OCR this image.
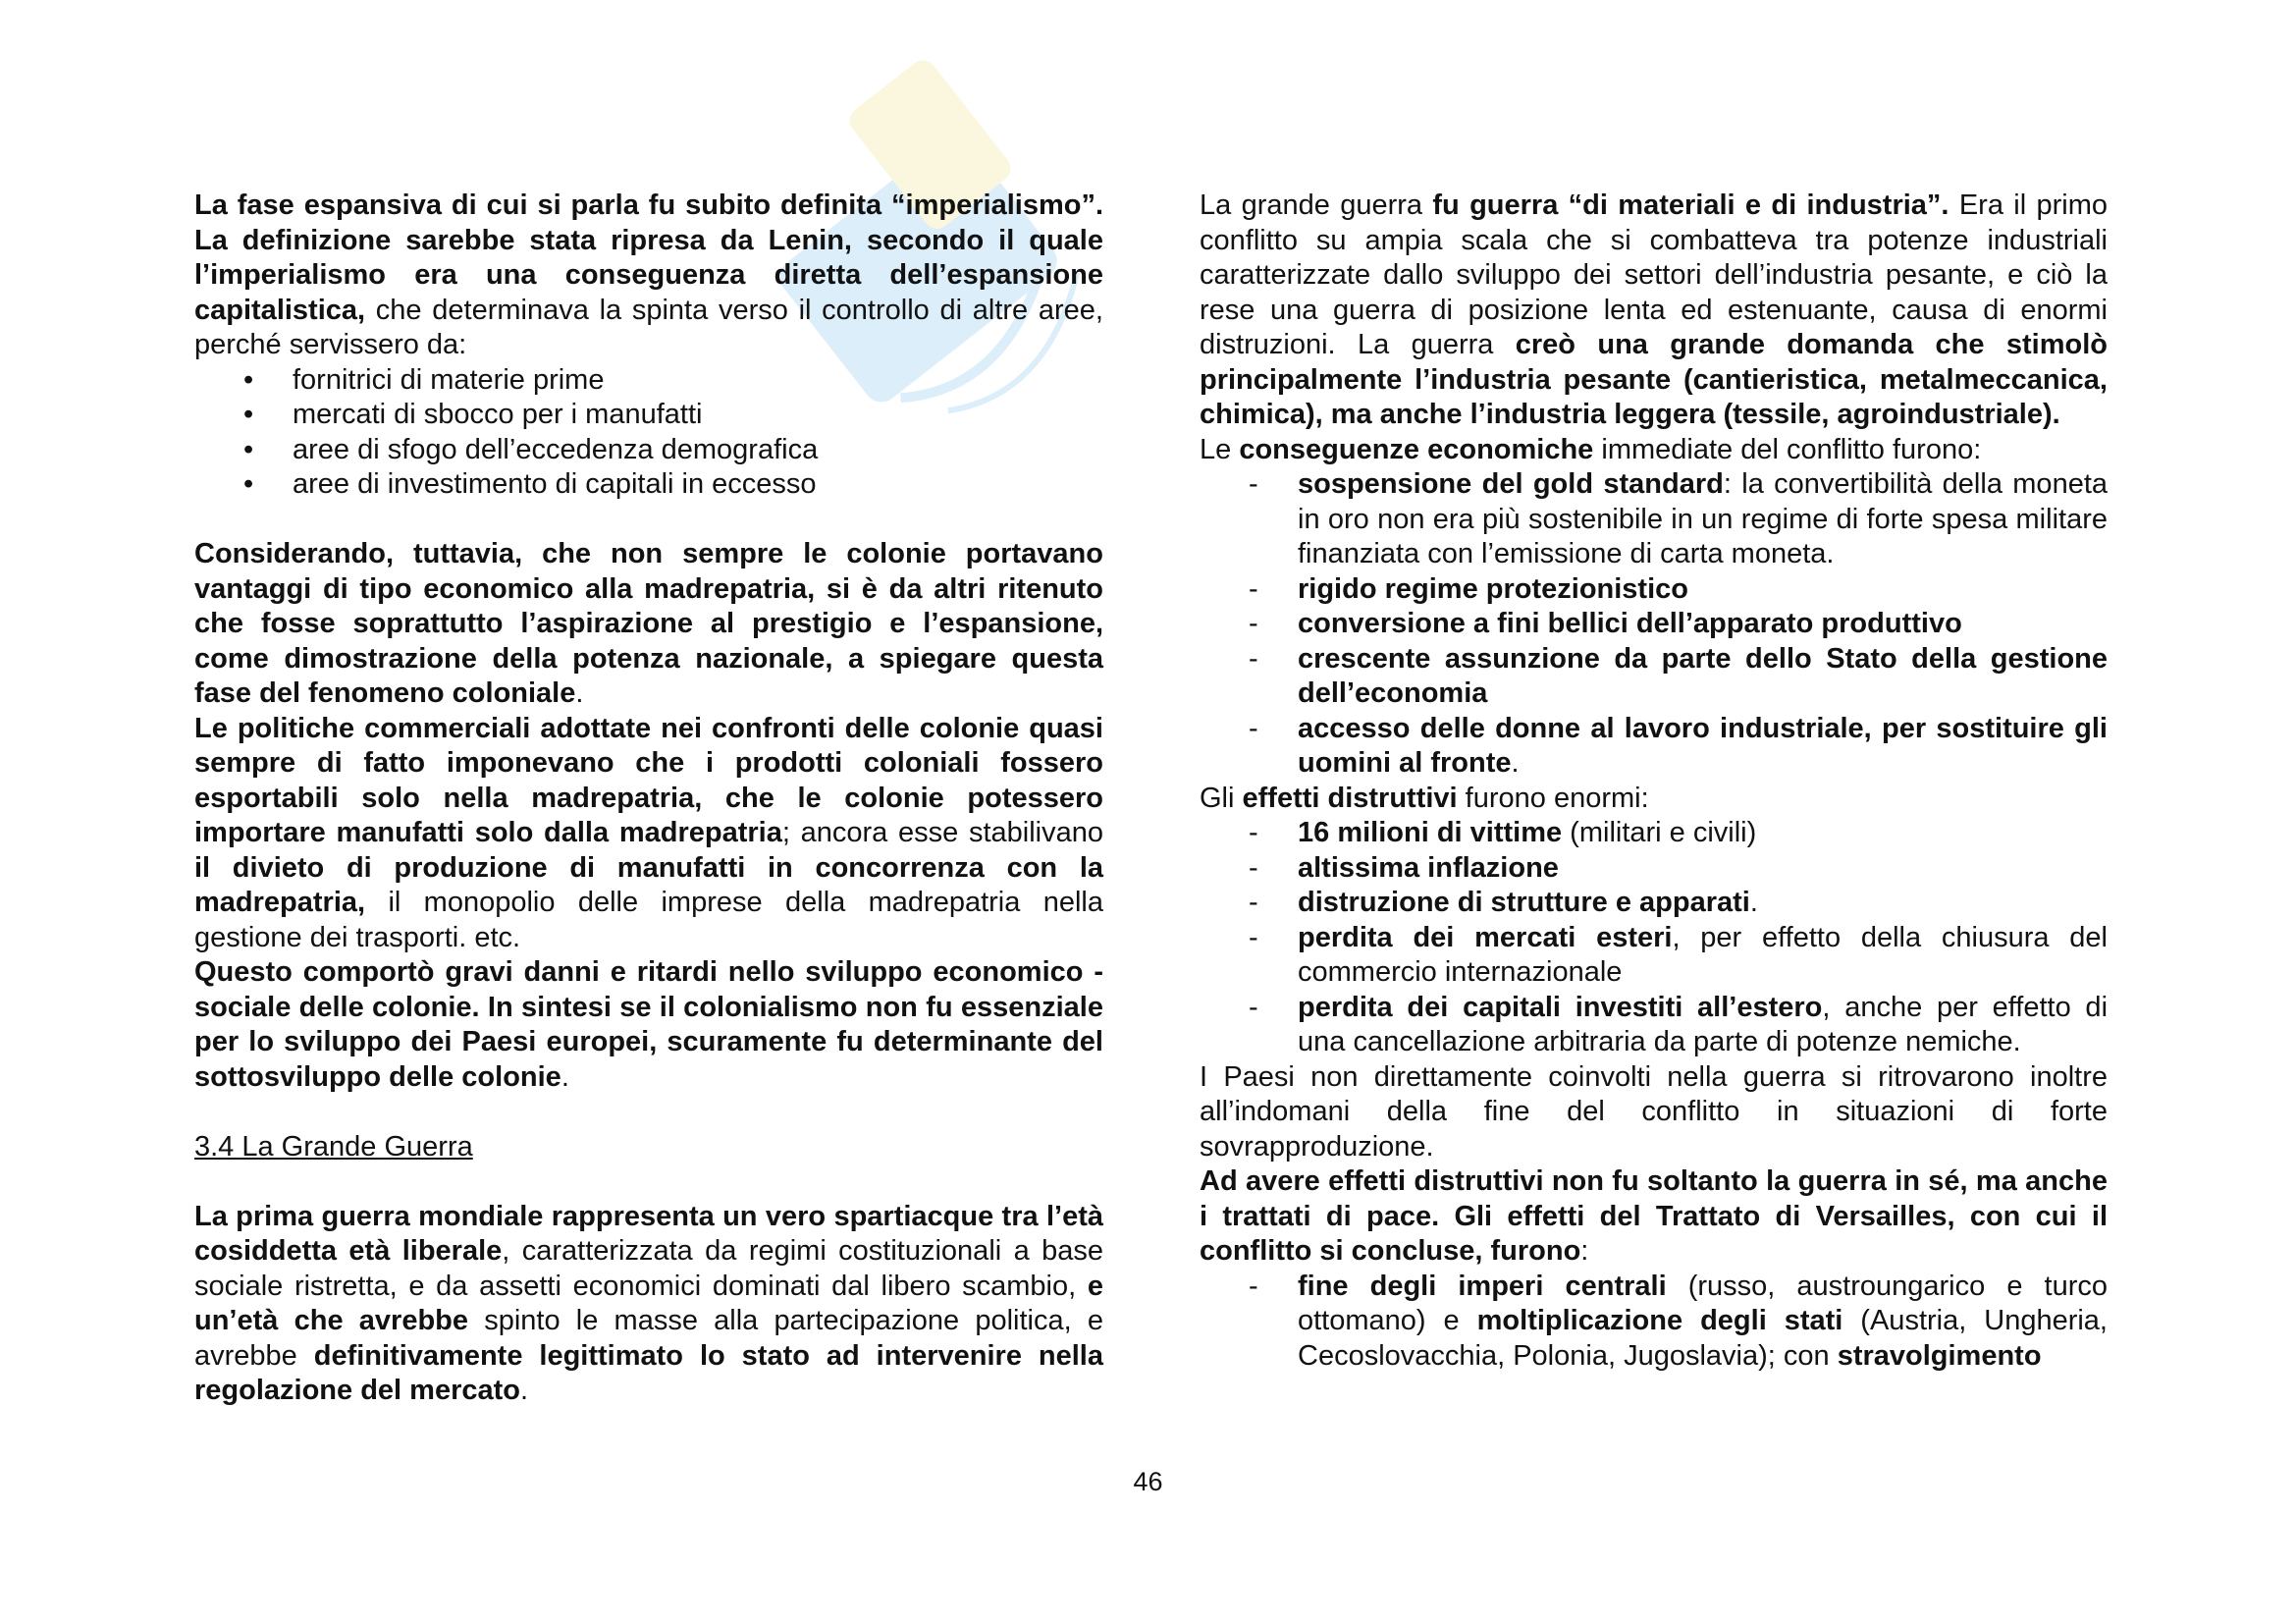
La fase espansiva di cui si parla fu subito definita “imperialismo”. La definizione sarebbe stata ripresa da Lenin, secondo il quale l’imperialismo era una conseguenza diretta dell’espansione capitalistica, che determinava la spinta verso il controllo di altre aree, perché servissero da:

• fornitrici di materie prime
• mercati di sbocco per i manufatti
• aree di sfogo dell’eccedenza demografica
• aree di investimento di capitali in eccesso

Considerando, tuttavia, che non sempre le colonie portavano vantaggi di tipo economico alla madrepatria, si è da altri ritenuto che fosse soprattutto l’aspirazione al prestigio e l’espansione, come dimostrazione della potenza nazionale, a spiegare questa fase del fenomeno coloniale.

Le politiche commerciali adottate nei confronti delle colonie quasi sempre di fatto imponevano che i prodotti coloniali fossero esportabili solo nella madrepatria, che le colonie potessero importare manufatti solo dalla madrepatria; ancora esse stabilivano il divieto di produzione di manufatti in concorrenza con la madrepatria, il monopolio delle imprese della madrepatria nella gestione dei trasporti. etc.

Questo comportò gravi danni e ritardi nello sviluppo economico - sociale delle colonie. In sintesi se il colonialismo non fu essenziale per lo sviluppo dei Paesi europei, scuramente fu determinante del sottosviluppo delle colonie.

3.4 La Grande Guerra

La prima guerra mondiale rappresenta un vero spartiacque tra l’età cosiddetta età liberale, caratterizzata da regimi costituzionali a base sociale ristretta, e da assetti economici dominati dal libero scambio, e un’età che avrebbe spinto le masse alla partecipazione politica, e avrebbe definitivamente legittimato lo stato ad intervenire nella regolazione del mercato.

La grande guerra fu guerra “di materiali e di industria”. Era il primo conflitto su ampia scala che si combatteva tra potenze industriali caratterizzate dallo sviluppo dei settori dell’industria pesante, e ciò la rese una guerra di posizione lenta ed estenuante, causa di enormi distruzioni. La guerra creò una grande domanda che stimolò principalmente l’industria pesante (cantieristica, metalmeccanica, chimica), ma anche l’industria leggera (tessile, agroindustriale).

Le conseguenze economiche immediate del conflitto furono:

- sospensione del gold standard: la convertibilità della moneta in oro non era più sostenibile in un regime di forte spesa militare finanziata con l’emissione di carta moneta.
- rigido regime protezionistico
- conversione a fini bellici dell’apparato produttivo
- crescente assunzione da parte dello Stato della gestione dell’economia
- accesso delle donne al lavoro industriale, per sostituire gli uomini al fronte.

Gli effetti distruttivi furono enormi:

- 16 milioni di vittime (militari e civili)
- altissima inflazione
- distruzione di strutture e apparati.
- perdita dei mercati esteri, per effetto della chiusura del commercio internazionale
- perdita dei capitali investiti all’estero, anche per effetto di una cancellazione arbitraria da parte di potenze nemiche.

I Paesi non direttamente coinvolti nella guerra si ritrovarono inoltre all’indomani della fine del conflitto in situazioni di forte sovrapproduzione.

Ad avere effetti distruttivi non fu soltanto la guerra in sé, ma anche i trattati di pace. Gli effetti del Trattato di Versailles, con cui il conflitto si concluse, furono:

- fine degli imperi centrali (russo, austroungarico e turco ottomano) e moltiplicazione degli stati (Austria, Ungheria, Cecoslovacchia, Polonia, Jugoslavia); con stravolgimento
46
